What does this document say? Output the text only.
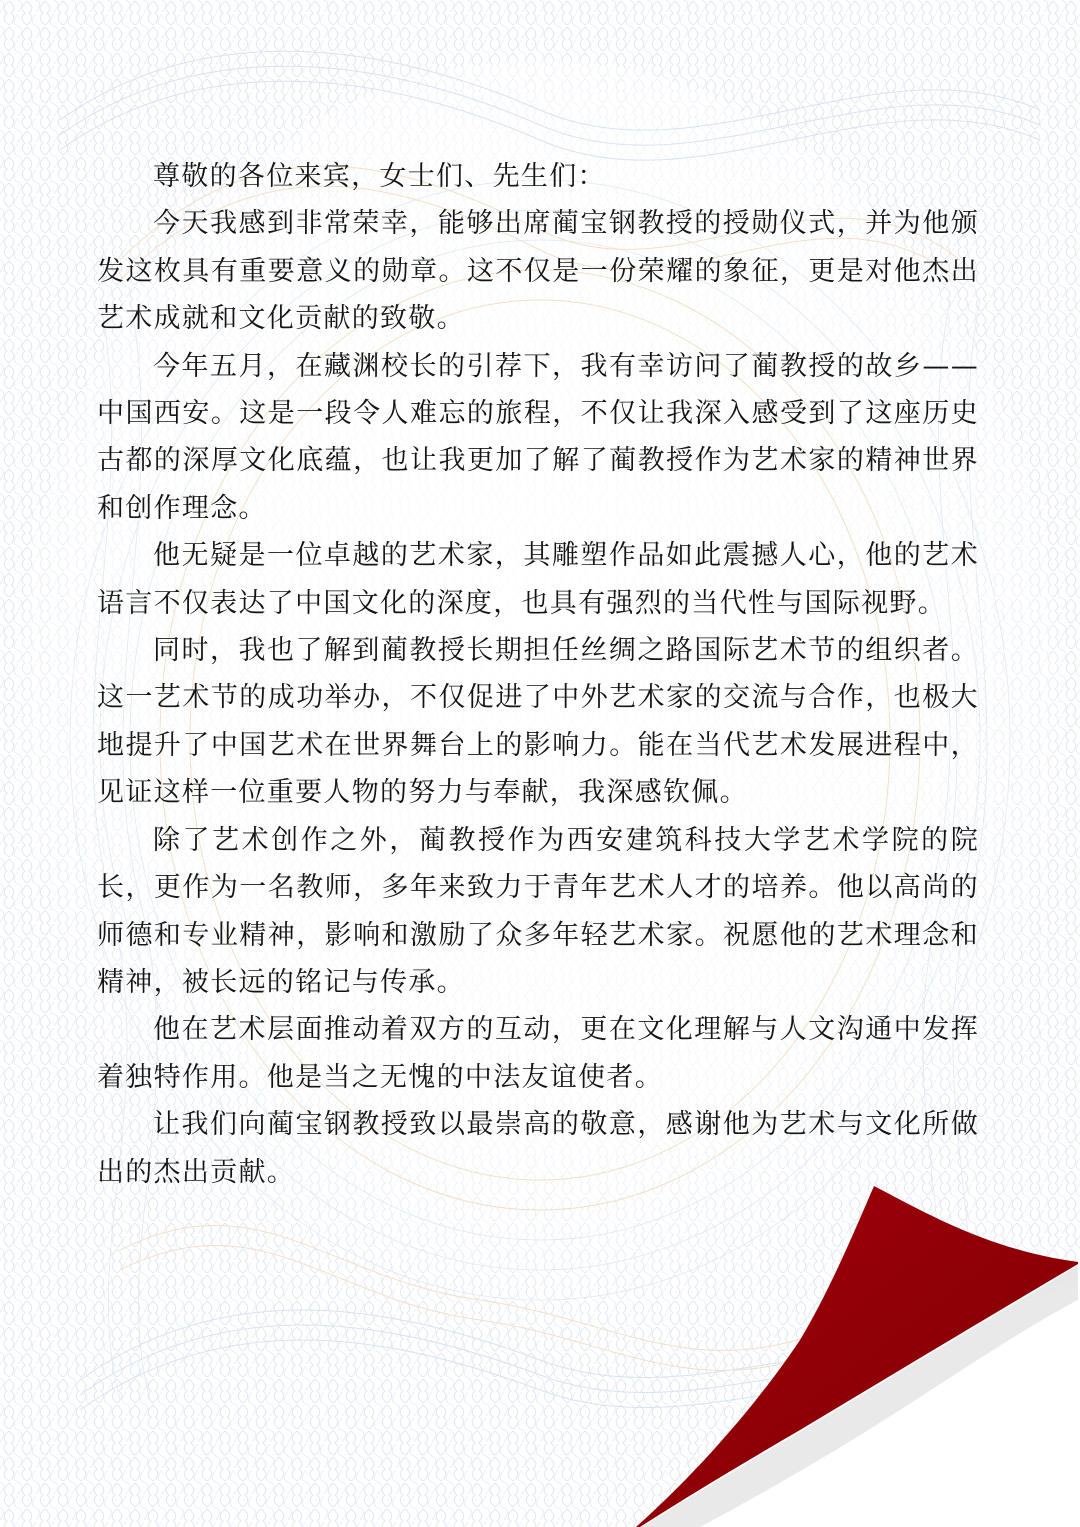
尊敬的各位来宾，女士们、先生们：

今天我感到非常荣幸，能够出席蔺宝钢教授的授勋仪式，并为他颁发这枚具有重要意义的勋章。这不仅是一份荣耀的象征，更是对他杰出艺术成就和文化贡献的致敬。

今年五月，在藏渊校长的引荐下，我有幸访问了蔺教授的故乡——中国西安。这是一段令人难忘的旅程，不仅让我深入感受到了这座历史古都的深厚文化底蕴，也让我更加了解了蔺教授作为艺术家的精神世界和创作理念。

他无疑是一位卓越的艺术家，其雕塑作品如此震撼人心，他的艺术语言不仅表达了中国文化的深度，也具有强烈的当代性与国际视野。

同时，我也了解到蔺教授长期担任丝绸之路国际艺术节的组织者。这一艺术节的成功举办，不仅促进了中外艺术家的交流与合作，也极大地提升了中国艺术在世界舞台上的影响力。能在当代艺术发展进程中，见证这样一位重要人物的努力与奉献，我深感钦佩。

除了艺术创作之外，蔺教授作为西安建筑科技大学艺术学院的院长，更作为一名教师，多年来致力于青年艺术人才的培养。他以高尚的师德和专业精神，影响和激励了众多年轻艺术家。祝愿他的艺术理念和精神，被长远的铭记与传承。

他在艺术层面推动着双方的互动，更在文化理解与人文沟通中发挥着独特作用。他是当之无愧的中法友谊使者。

让我们向蔺宝钢教授致以最崇高的敬意，感谢他为艺术与文化所做出的杰出贡献。
